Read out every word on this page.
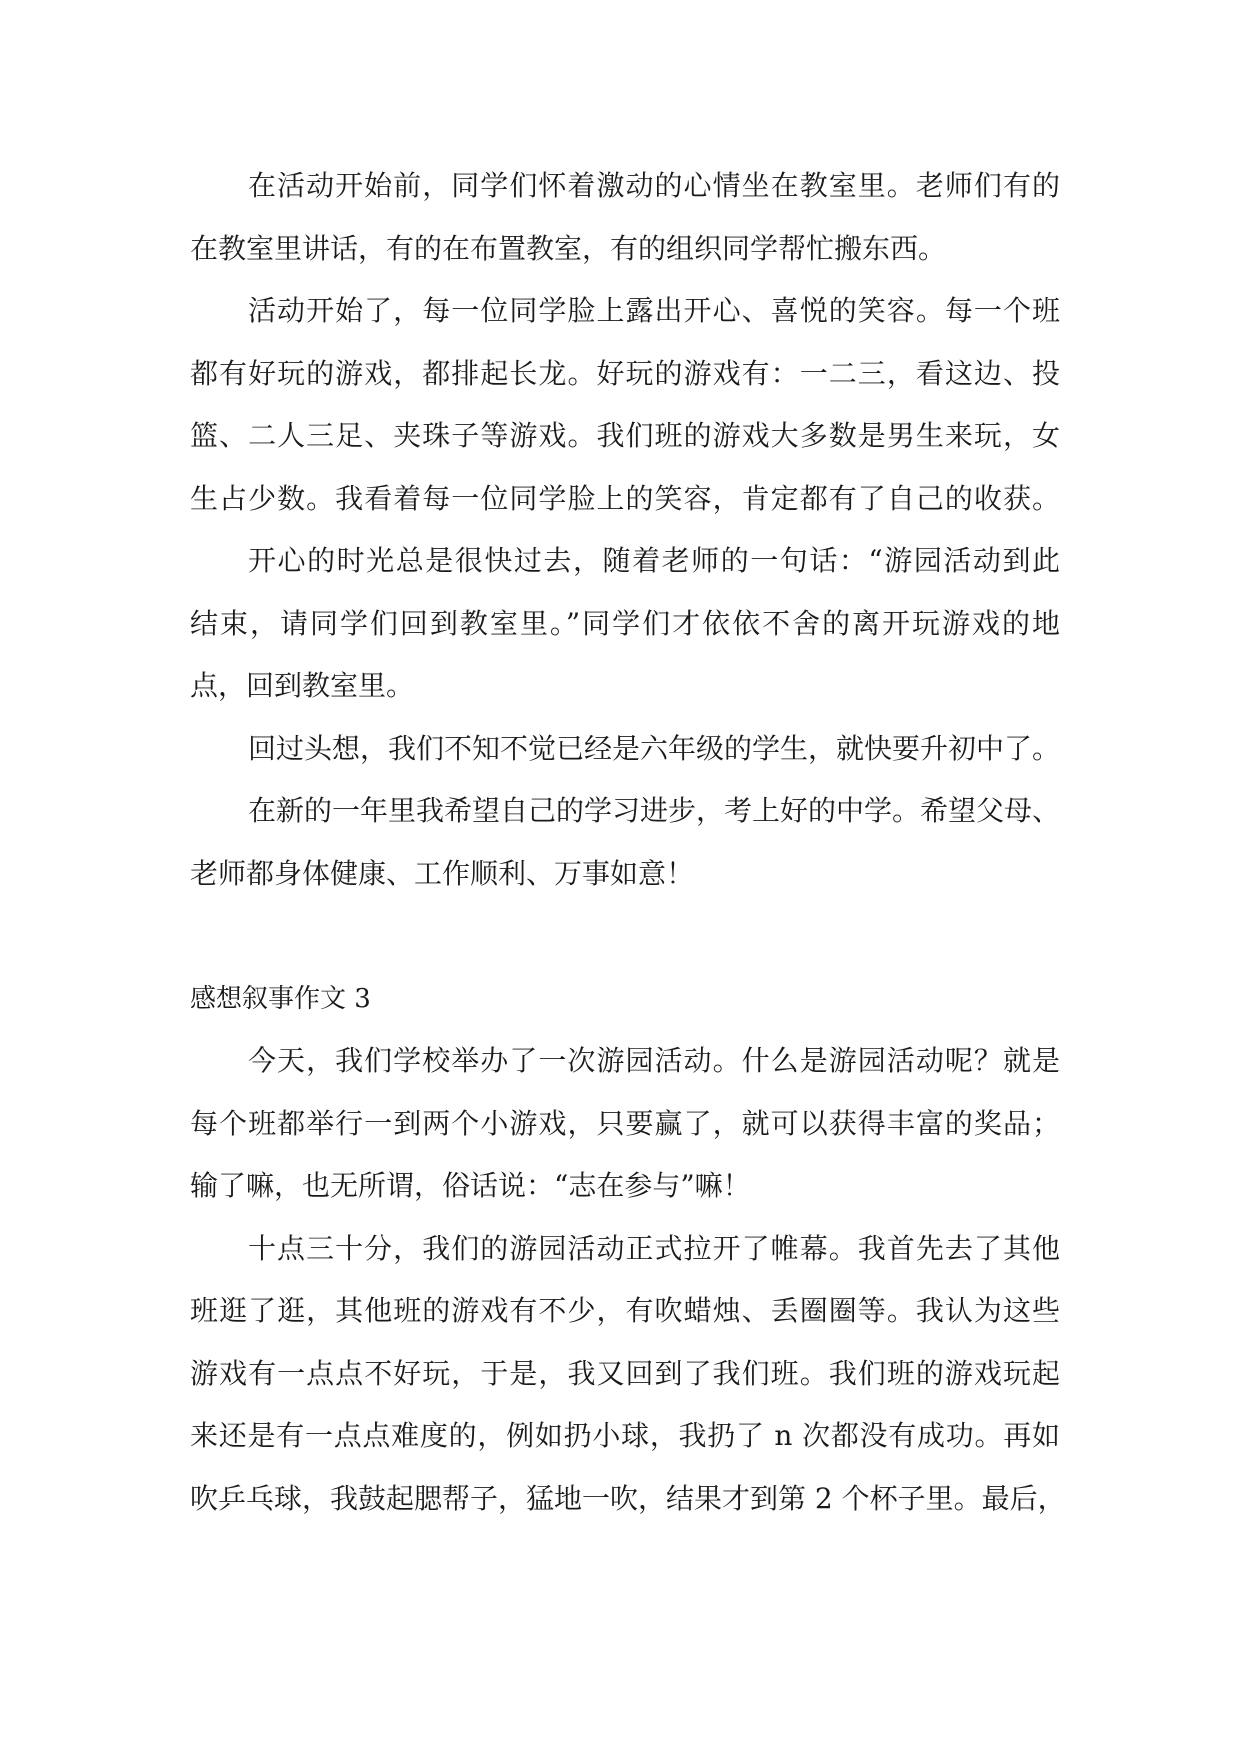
在活动开始前，同学们怀着激动的心情坐在教室里。老师们有的
在教室里讲话，有的在布置教室，有的组织同学帮忙搬东西。
活动开始了，每一位同学脸上露出开心、喜悦的笑容。每一个班
都有好玩的游戏，都排起长龙。好玩的游戏有：一二三，看这边、投
篮、二人三足、夹珠子等游戏。我们班的游戏大多数是男生来玩，女
生占少数。我看着每一位同学脸上的笑容，肯定都有了自己的收获。
开心的时光总是很快过去，随着老师的一句话：“游园活动到此
结束，请同学们回到教室里。”同学们才依依不舍的离开玩游戏的地
点，回到教室里。
回过头想，我们不知不觉已经是六年级的学生，就快要升初中了。
在新的一年里我希望自己的学习进步，考上好的中学。希望父母、
老师都身体健康、工作顺利、万事如意！
感想叙事作文 3
今天，我们学校举办了一次游园活动。什么是游园活动呢？就是
每个班都举行一到两个小游戏，只要赢了，就可以获得丰富的奖品；
输了嘛，也无所谓，俗话说：“志在参与”嘛！
十点三十分，我们的游园活动正式拉开了帷幕。我首先去了其他
班逛了逛，其他班的游戏有不少，有吹蜡烛、丢圈圈等。我认为这些
游戏有一点点不好玩，于是，我又回到了我们班。我们班的游戏玩起
来还是有一点点难度的，例如扔小球，我扔了 n 次都没有成功。再如
吹乒乓球，我鼓起腮帮子，猛地一吹，结果才到第 2 个杯子里。最后，
